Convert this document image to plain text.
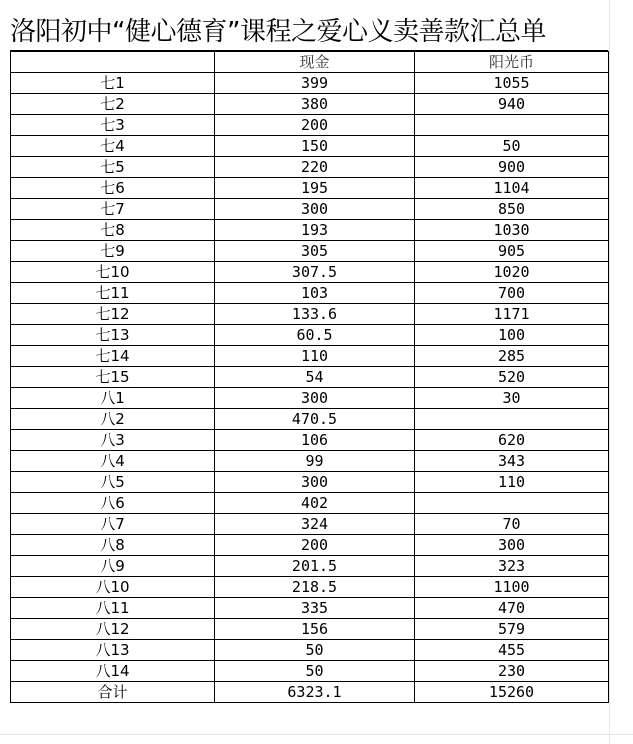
洛阳初中“健心德育”课程之爱心义卖善款汇总单
	现金	阳光币
七1	399	1055
七2	380	940
七3	200	
七4	150	50
七5	220	900
七6	195	1104
七7	300	850
七8	193	1030
七9	305	905
七10	307.5	1020
七11	103	700
七12	133.6	1171
七13	60.5	100
七14	110	285
七15	54	520
八1	300	30
八2	470.5	
八3	106	620
八4	99	343
八5	300	110
八6	402	
八7	324	70
八8	200	300
八9	201.5	323
八10	218.5	1100
八11	335	470
八12	156	579
八13	50	455
八14	50	230
合计	6323.1	15260
